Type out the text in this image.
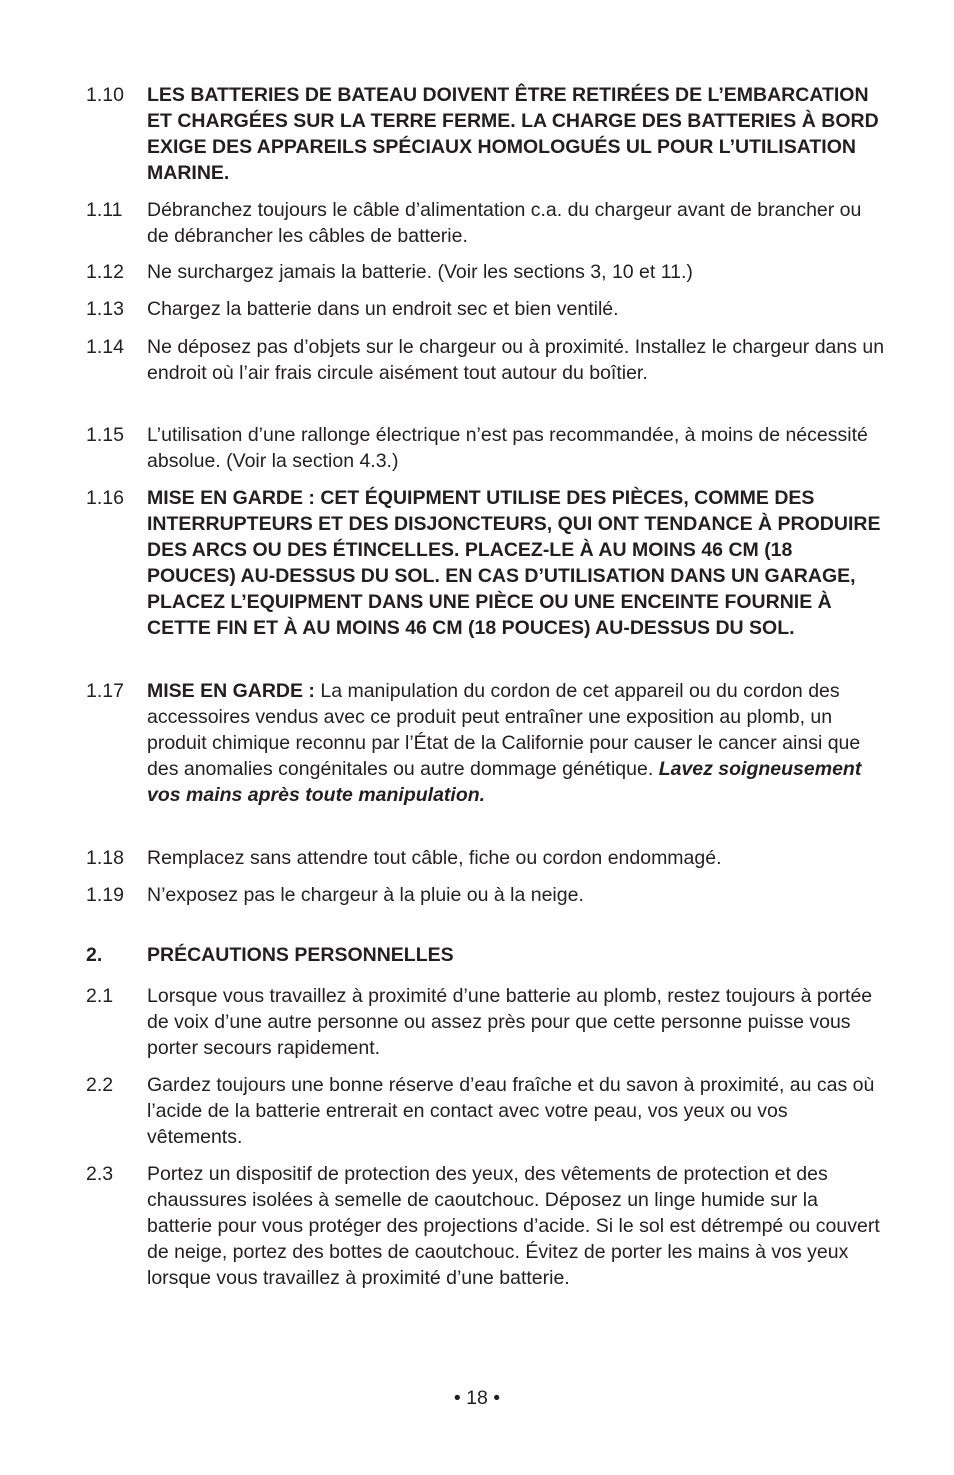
1.10 LES BATTERIES DE BATEAU DOIVENT ÊTRE RETIRÉES DE L’EMBARCATION ET CHARGÉES SUR LA TERRE FERME. LA CHARGE DES BATTERIES À BORD EXIGE DES APPAREILS SPÉCIAUX HOMOLOGUÉS UL POUR L’UTILISATION MARINE.
1.11 Débranchez toujours le câble d’alimentation c.a. du chargeur avant de brancher ou de débrancher les câbles de batterie.
1.12 Ne surchargez jamais la batterie. (Voir les sections 3, 10 et 11.)
1.13 Chargez la batterie dans un endroit sec et bien ventilé.
1.14 Ne déposez pas d’objets sur le chargeur ou à proximité. Installez le chargeur dans un endroit où l’air frais circule aisément tout autour du boîtier.
1.15 L’utilisation d’une rallonge électrique n’est pas recommandée, à moins de nécessité absolue. (Voir la section 4.3.)
1.16 MISE EN GARDE : CET ÉQUIPMENT UTILISE DES PIÈCES, COMME DES INTERRUPTEURS ET DES DISJONCTEURS, QUI ONT TENDANCE À PRODUIRE DES ARCS OU DES ÉTINCELLES. PLACEZ-LE À AU MOINS 46 CM (18 POUCES) AU-DESSUS DU SOL. EN CAS D’UTILISATION DANS UN GARAGE, PLACEZ L’EQUIPMENT DANS UNE PIÈCE OU UNE ENCEINTE FOURNIE À CETTE FIN ET À AU MOINS 46 CM (18 POUCES) AU-DESSUS DU SOL.
1.17 MISE EN GARDE : La manipulation du cordon de cet appareil ou du cordon des accessoires vendus avec ce produit peut entraîner une exposition au plomb, un produit chimique reconnu par l’État de la Californie pour causer le cancer ainsi que des anomalies congénitales ou autre dommage génétique. Lavez soigneusement vos mains après toute manipulation.
1.18 Remplacez sans attendre tout câble, fiche ou cordon endommagé.
1.19 N’exposez pas le chargeur à la pluie ou à la neige.
2. PRÉCAUTIONS PERSONNELLES
2.1 Lorsque vous travaillez à proximité d’une batterie au plomb, restez toujours à portée de voix d’une autre personne ou assez près pour que cette personne puisse vous porter secours rapidement.
2.2 Gardez toujours une bonne réserve d’eau fraîche et du savon à proximité, au cas où l’acide de la batterie entrerait en contact avec votre peau, vos yeux ou vos vêtements.
2.3 Portez un dispositif de protection des yeux, des vêtements de protection et des chaussures isolées à semelle de caoutchouc. Déposez un linge humide sur la batterie pour vous protéger des projections d’acide. Si le sol est détrempé ou couvert de neige, portez des bottes de caoutchouc. Évitez de porter les mains à vos yeux lorsque vous travaillez à proximité d’une batterie.
• 18 •
